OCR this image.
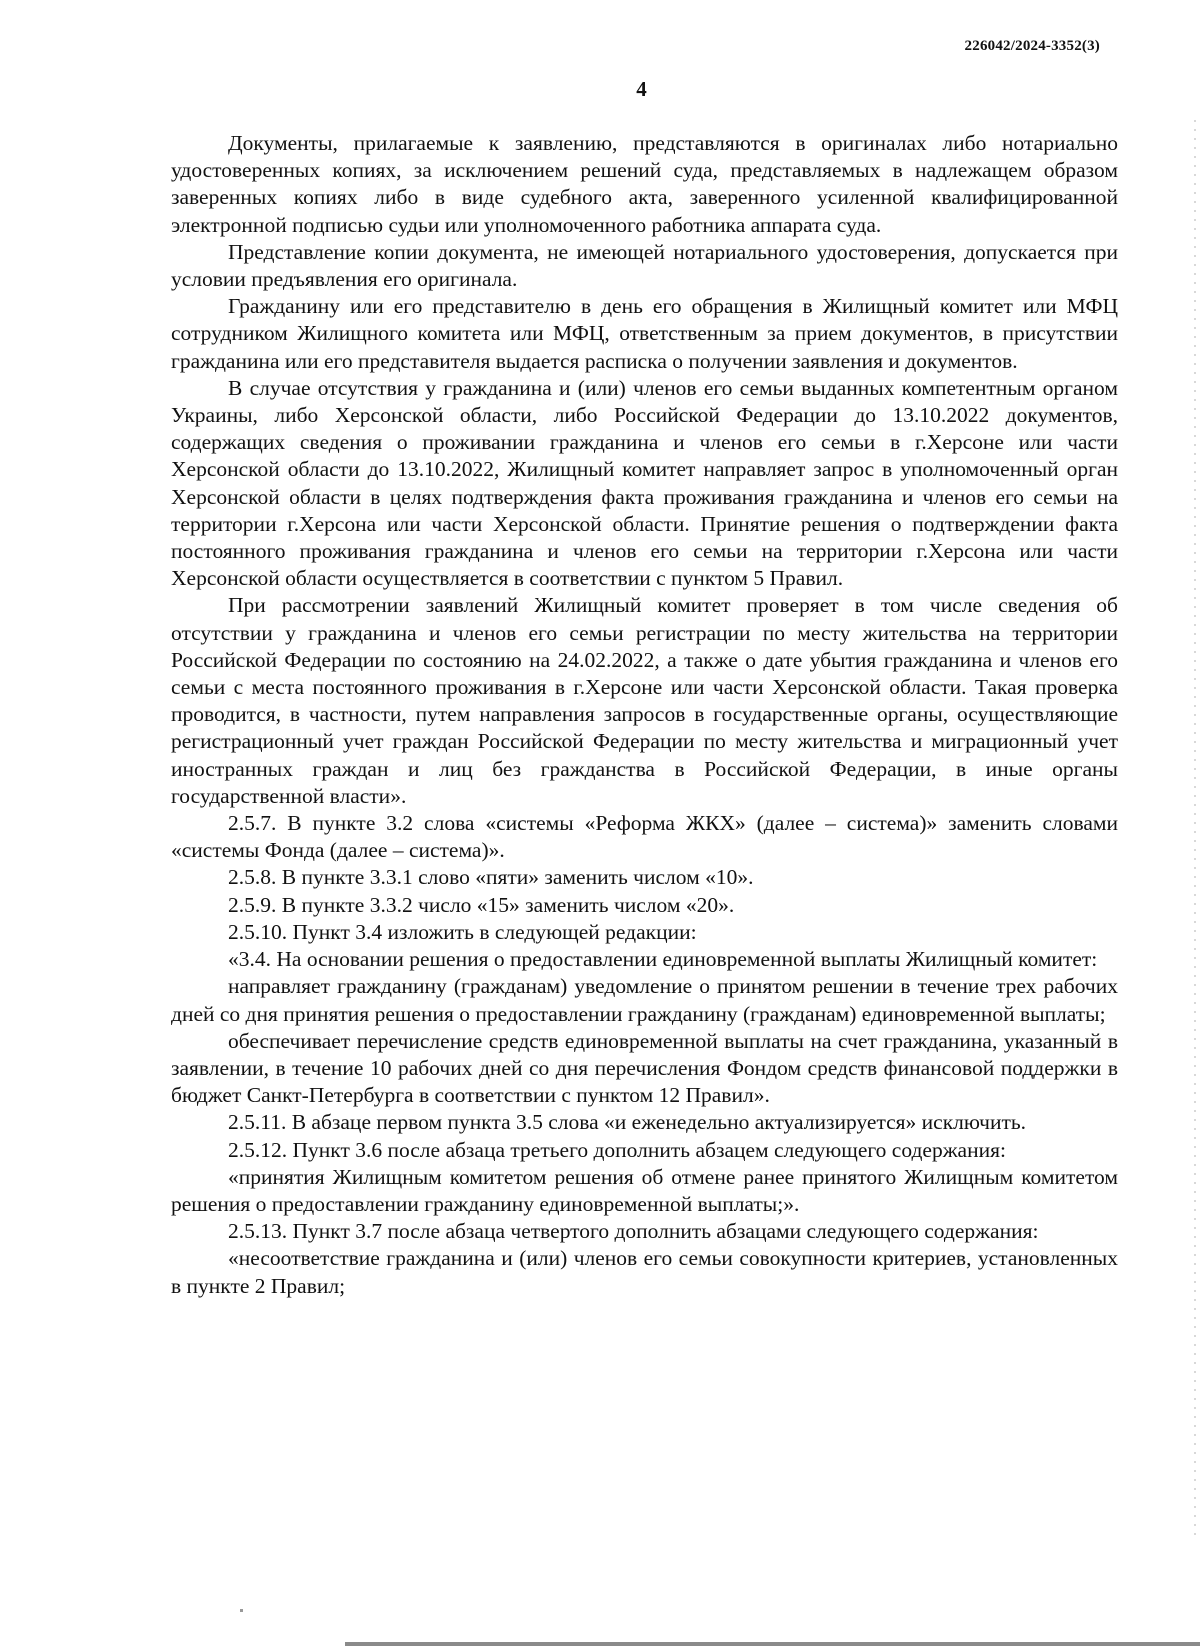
226042/2024-3352(3)
4

Документы, прилагаемые к заявлению, представляются в оригиналах либо нотариально удостоверенных копиях, за исключением решений суда, представляемых в надлежащем образом заверенных копиях либо в виде судебного акта, заверенного усиленной квалифицированной электронной подписью судьи или уполномоченного работника аппарата суда.

Представление копии документа, не имеющей нотариального удостоверения, допускается при условии предъявления его оригинала.

Гражданину или его представителю в день его обращения в Жилищный комитет или МФЦ сотрудником Жилищного комитета или МФЦ, ответственным за прием документов, в присутствии гражданина или его представителя выдается расписка о получении заявления и документов.

В случае отсутствия у гражданина и (или) членов его семьи выданных компетентным органом Украины, либо Херсонской области, либо Российской Федерации до 13.10.2022 документов, содержащих сведения о проживании гражданина и членов его семьи в г.Херсоне или части Херсонской области до 13.10.2022, Жилищный комитет направляет запрос в уполномоченный орган Херсонской области в целях подтверждения факта проживания гражданина и членов его семьи на территории г.Херсона или части Херсонской области. Принятие решения о подтверждении факта постоянного проживания гражданина и членов его семьи на территории г.Херсона или части Херсонской области осуществляется в соответствии с пунктом 5 Правил.

При рассмотрении заявлений Жилищный комитет проверяет в том числе сведения об отсутствии у гражданина и членов его семьи регистрации по месту жительства на территории Российской Федерации по состоянию на 24.02.2022, а также о дате убытия гражданина и членов его семьи с места постоянного проживания в г.Херсоне или части Херсонской области. Такая проверка проводится, в частности, путем направления запросов в государственные органы, осуществляющие регистрационный учет граждан Российской Федерации по месту жительства и миграционный учет иностранных граждан и лиц без гражданства в Российской Федерации, в иные органы государственной власти».

2.5.7. В пункте 3.2 слова «системы «Реформа ЖКХ» (далее – система)» заменить словами «системы Фонда (далее – система)».

2.5.8. В пункте 3.3.1 слово «пяти» заменить числом «10».

2.5.9. В пункте 3.3.2 число «15» заменить числом «20».

2.5.10. Пункт 3.4 изложить в следующей редакции:

«3.4. На основании решения о предоставлении единовременной выплаты Жилищный комитет:

направляет гражданину (гражданам) уведомление о принятом решении в течение трех рабочих дней со дня принятия решения о предоставлении гражданину (гражданам) единовременной выплаты;

обеспечивает перечисление средств единовременной выплаты на счет гражданина, указанный в заявлении, в течение 10 рабочих дней со дня перечисления Фондом средств финансовой поддержки в бюджет Санкт-Петербурга в соответствии с пунктом 12 Правил».

2.5.11. В абзаце первом пункта 3.5 слова «и еженедельно актуализируется» исключить.

2.5.12. Пункт 3.6 после абзаца третьего дополнить абзацем следующего содержания:

«принятия Жилищным комитетом решения об отмене ранее принятого Жилищным комитетом решения о предоставлении гражданину единовременной выплаты;».

2.5.13. Пункт 3.7 после абзаца четвертого дополнить абзацами следующего содержания:

«несоответствие гражданина и (или) членов его семьи совокупности критериев, установленных в пункте 2 Правил;
